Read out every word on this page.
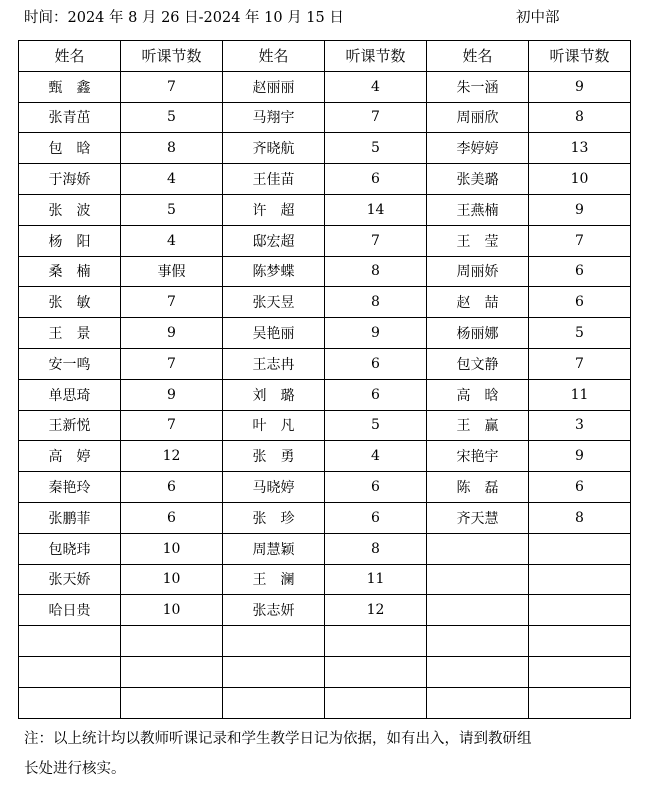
时间：2024 年 8 月 26 日-2024 年 10 月 15 日	初中部
姓名	听课节数	姓名	听课节数	姓名	听课节数
甄　鑫	7	赵丽丽	4	朱一涵	9
张青茁	5	马翔宇	7	周丽欣	8
包　晗	8	齐晓航	5	李婷婷	13
于海娇	4	王佳苗	6	张美璐	10
张　波	5	许　超	14	王燕楠	9
杨　阳	4	邸宏超	7	王　莹	7
桑　楠	事假	陈梦蝶	8	周丽娇	6
张　敏	7	张天昱	8	赵　喆	6
王　景	9	吴艳丽	9	杨丽娜	5
安一鸣	7	王志冉	6	包文静	7
单思琦	9	刘　璐	6	高　晗	11
王新悦	7	叶　凡	5	王　赢	3
高　婷	12	张　勇	4	宋艳宇	9
秦艳玲	6	马晓婷	6	陈　磊	6
张鹏菲	6	张　珍	6	齐天慧	8
包晓玮	10	周慧颖	8		
张天娇	10	王　澜	11		
哈日贵	10	张志妍	12		

注：以上统计均以教师听课记录和学生教学日记为依据，如有出入，请到教研组
长处进行核实。
